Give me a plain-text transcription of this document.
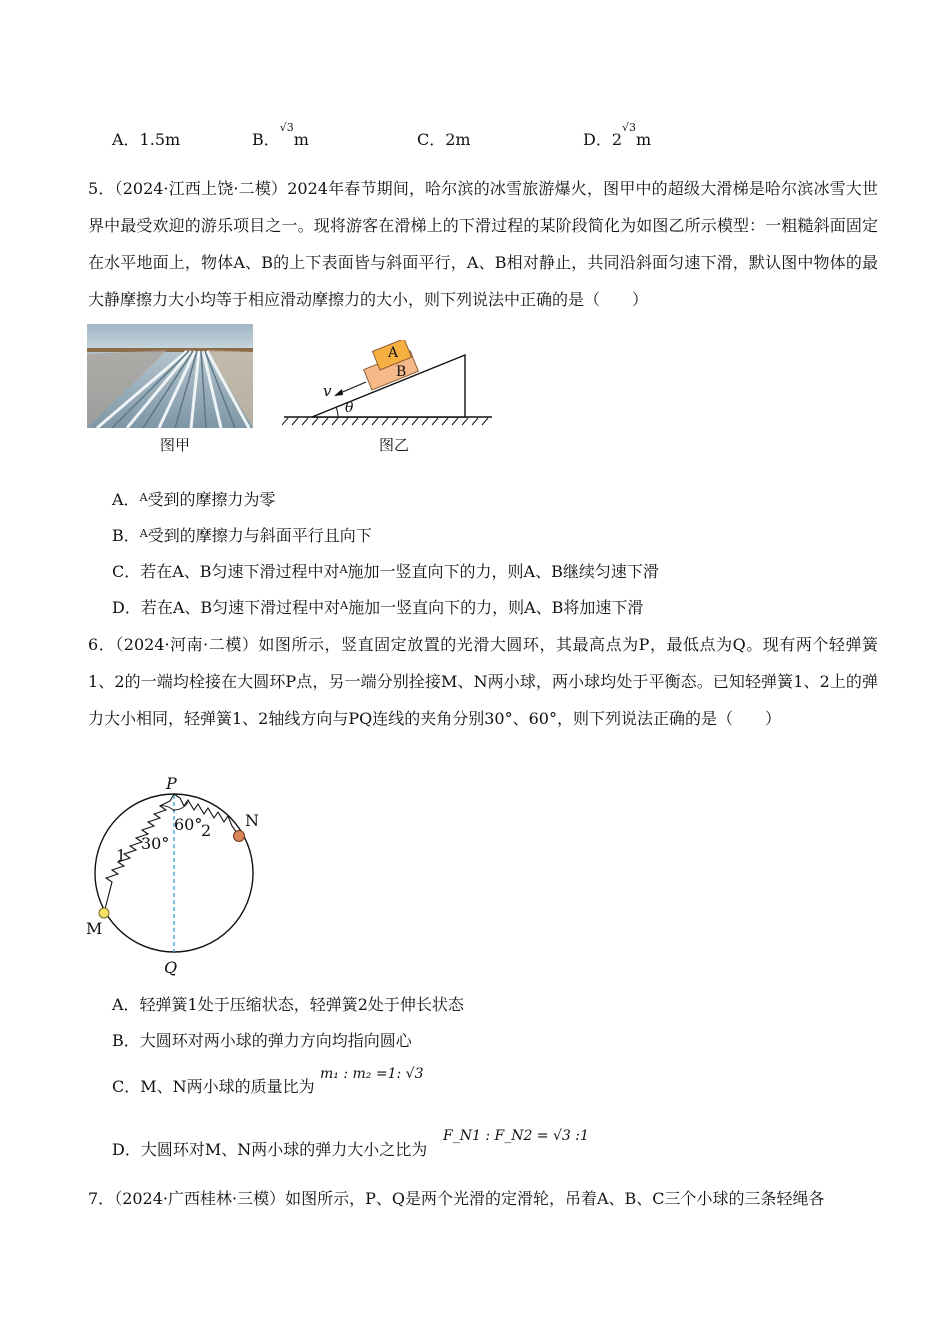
A．1.5m	B．$^{√3}$m	C．2m	D．$2^{√3}m$
5．（2024·江西上饶·二模）2024年春节期间，哈尔滨的冰雪旅游爆火，图甲中的超级大滑梯是哈尔滨冰雪大世界中最受欢迎的游乐项目之一。现将游客在滑梯上的下滑过程的某阶段简化为如图乙所示模型：一粗糙斜面固定在水平地面上，物体A、B的上下表面皆与斜面平行，A、B相对静止，共同沿斜面匀速下滑，默认图中物体的最大静摩擦力大小均等于相应滑动摩擦力的大小，则下列说法中正确的是（　　）
图甲
A
B
v
θ
图乙
A．$^A$受到的摩擦力为零
B．$^A$受到的摩擦力与斜面平行且向下
C．若在A、B匀速下滑过程中对$^A$施加一竖直向下的力，则A、B继续匀速下滑
D．若在A、B匀速下滑过程中对$^A$施加一竖直向下的力，则A、B将加速下滑
6．（2024·河南·二模）如图所示，竖直固定放置的光滑大圆环，其最高点为P，最低点为Q。现有两个轻弹簧1、2的一端均栓接在大圆环P点，另一端分别拴接M、N两小球，两小球均处于平衡态。已知轻弹簧1、2上的弹力大小相同，轻弹簧1、2轴线方向与PQ连线的夹角分别30°、60°，则下列说法正确的是（　　）
P
Q
M
N
1
2
30°
60°
A．轻弹簧1处于压缩状态，轻弹簧2处于伸长状态
B．大圆环对两小球的弹力方向均指向圆心
C．M、N两小球的质量比为
m₁ : m₂ =1: √3
D．大圆环对M、N两小球的弹力大小之比为
F_N1 : F_N2 = √3 :1
7．（2024·广西桂林·三模）如图所示，P、Q是两个光滑的定滑轮，吊着A、B、C三个小球的三条轻绳各
